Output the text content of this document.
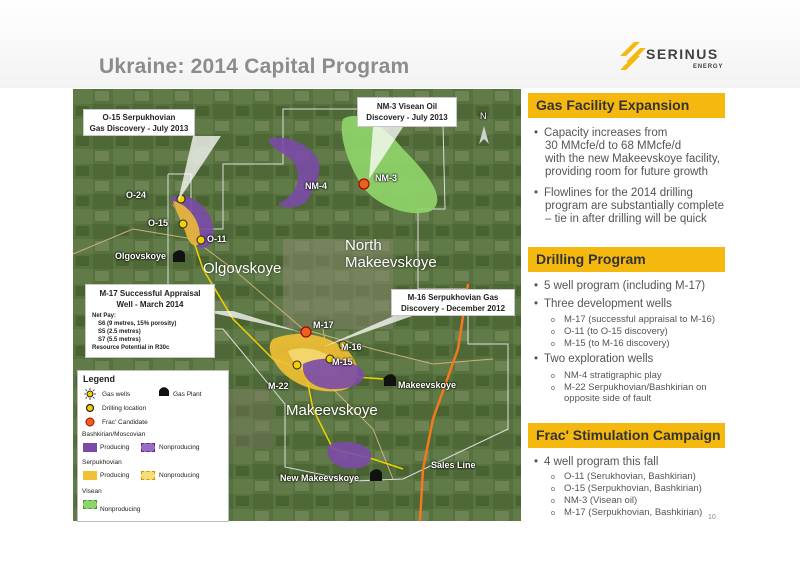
Ukraine: 2014 Capital Program
SERINUS
ENERGY
O-15 Serpukhovian
Gas Discovery - July 2013
NM-3 Visean Oil
Discovery - July 2013
M-17 Successful Appraisal
Well - March 2014
Net Pay:
S6 (9 metres, 15% porosity)
S5 (2.5 metres)
S7 (5.5 metres)
Resource Potential in R30c
M-16 Serpukhovian Gas
Discovery - December 2012
O-24
O-15
O-11
NM-4
NM-3
M-17
M-16
M-15
M-22
Olgovskoye
Makeevskoye
New Makeevskoye
Sales Line
N
Olgovskoye
North
Makeevskoye
Makeevskoye
Legend
Gas wells	Gas Plant
Drilling location
Frac' Candidate
Bashkirian/Moscovian
Producing	Nonproducing
Serpukhovian
Producing	Nonproducing
Visean
Nonproducing
Gas Facility Expansion
• Capacity increases from
30 MMcfe/d to 68 MMcfe/d
with the new Makeevskoye facility,
providing room for future growth
• Flowlines for the 2014 drilling
program are substantially complete
– tie in after drilling will be quick
Drilling Program
• 5 well program (including M-17)
• Three development wells
o M-17 (successful appraisal to M-16)
o O-11 (to O-15 discovery)
o M-15 (to M-16 discovery)
• Two exploration wells
o NM-4 stratigraphic play
o M-22 Serpukhovian/Bashkirian on
opposite side of fault
Frac' Stimulation Campaign
• 4 well program this fall
o O-11 (Serukhovian, Bashkirian)
o O-15 (Serpukhovian, Bashkirian)
o NM-3 (Visean oil)
o M-17 (Serpukhovian, Bashkirian) 10
